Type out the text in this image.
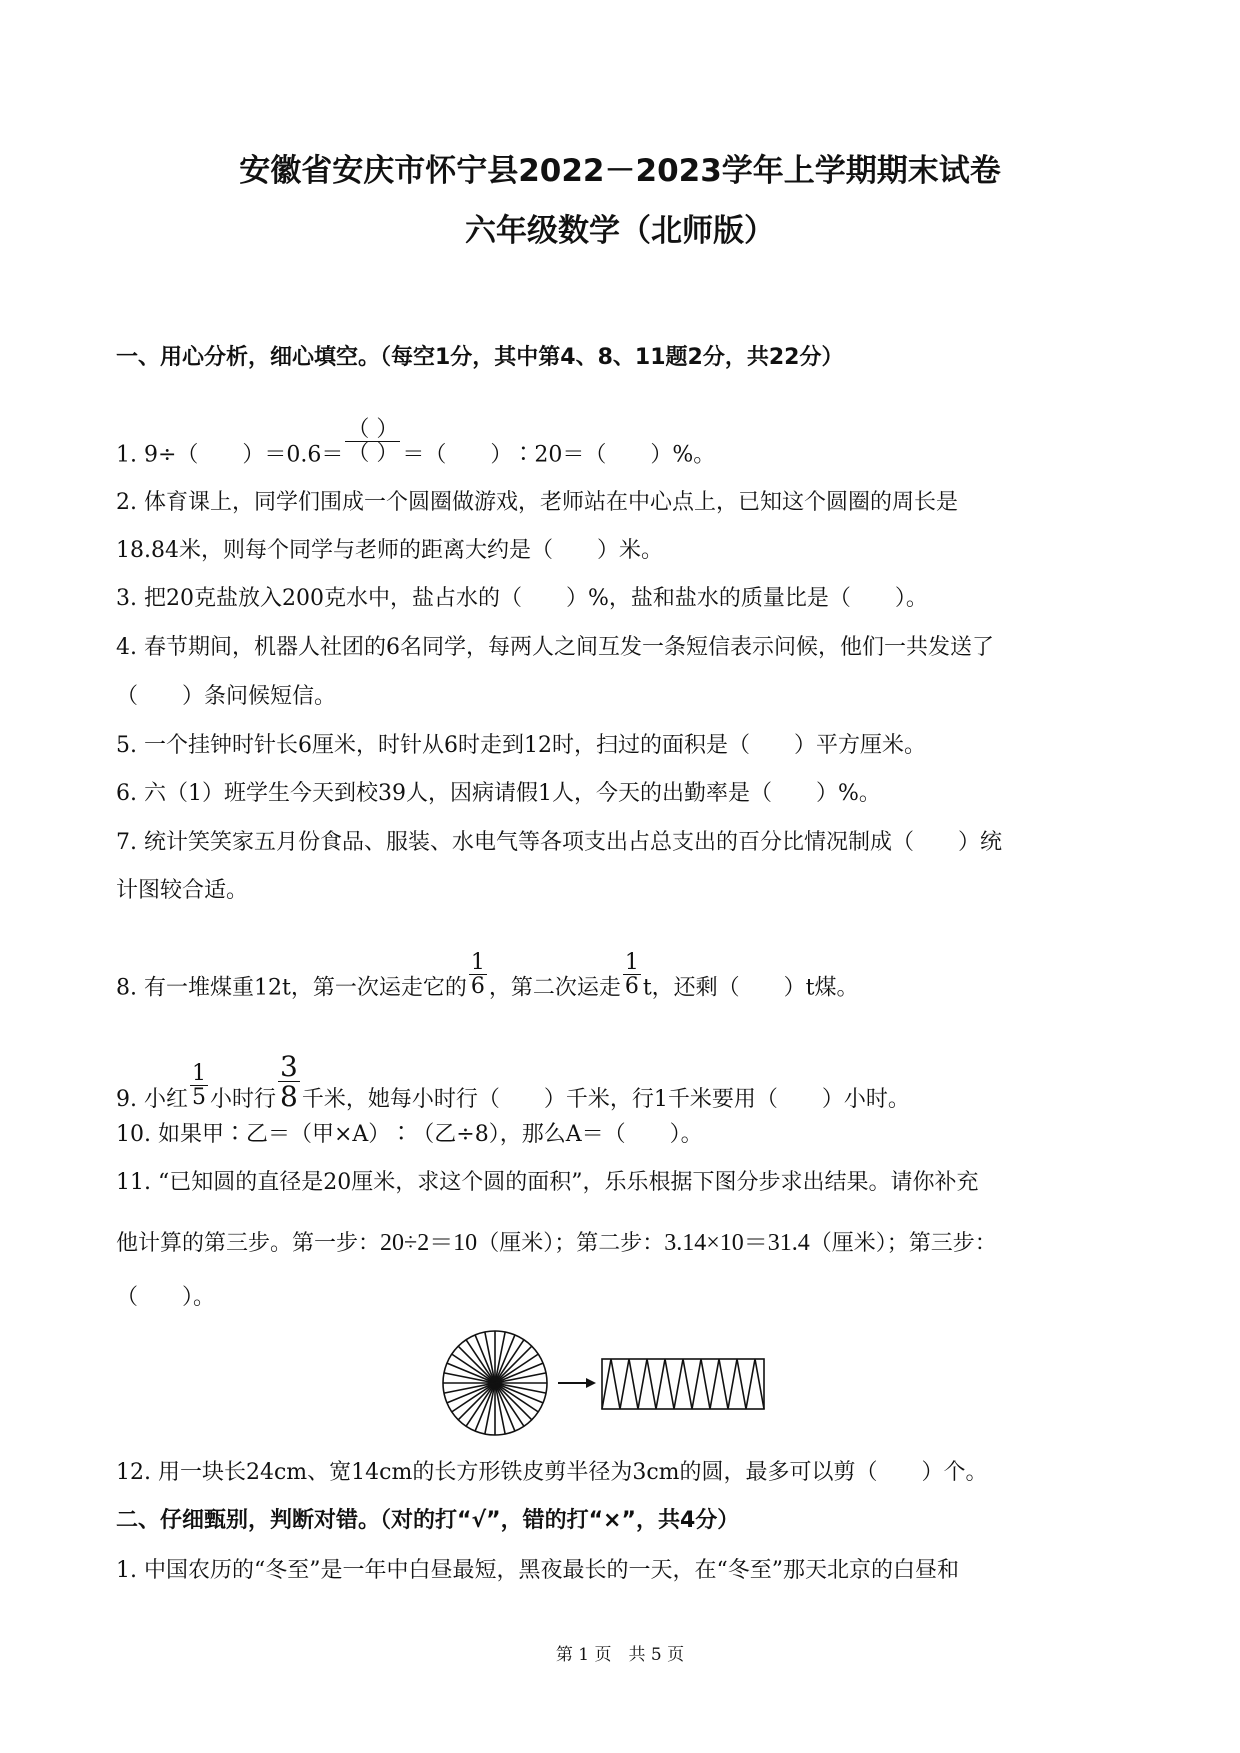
安徽省安庆市怀宁县2022－2023学年上学期期末试卷
六年级数学（北师版）
一、用心分析，细心填空。（每空1分，其中第4、8、11题2分，共22分）
1. 9÷（　　）$=0.6= \frac{( )}{( )}$ ＝（　　）∶20＝（　　）%。
2. 体育课上，同学们围成一个圆圈做游戏，老师站在中心点上，已知这个圆圈的周长是
18.84米，则每个同学与老师的距离大约是（　　）米。
3. 把20克盐放入200克水中，盐占水的（　　）%，盐和盐水的质量比是（　　）。
4. 春节期间，机器人社团的6名同学，每两人之间互发一条短信表示问候，他们一共发送了
（　　）条问候短信。
5. 一个挂钟时针长6厘米，时针从6时走到12时，扫过的面积是（　　）平方厘米。
6. 六（1）班学生今天到校39人，因病请假1人，今天的出勤率是（　　）%。
7. 统计笑笑家五月份食品、服装、水电气等各项支出占总支出的百分比情况制成（　　）统
计图较合适。
8. 有一堆煤重12t，第一次运走它的 $\frac{1}{6}$ ，第二次运走 $\frac{1}{6}$ t，还剩（　　）t煤。
9. 小红 $\frac{1}{5}$ 小时行 $\frac{3}{8}$ 千米，她每小时行（　　）千米，行1千米要用（　　）小时。
10. 如果甲∶乙＝（甲×A）∶（乙÷8），那么A＝（　　）。
11. “已知圆的直径是20厘米，求这个圆的面积”，乐乐根据下图分步求出结果。请你补充
他计算的第三步。第一步：20÷2＝10（厘米）；第二步：3.14×10＝31.4（厘米）；第三步：
（　　）。
12. 用一块长24cm、宽14cm的长方形铁皮剪半径为3cm的圆，最多可以剪（　　）个。
二、仔细甄别，判断对错。（对的打“√”，错的打“×”，共4分）
1. 中国农历的“冬至”是一年中白昼最短，黑夜最长的一天，在“冬至”那天北京的白昼和
第 1 页　共 5 页
